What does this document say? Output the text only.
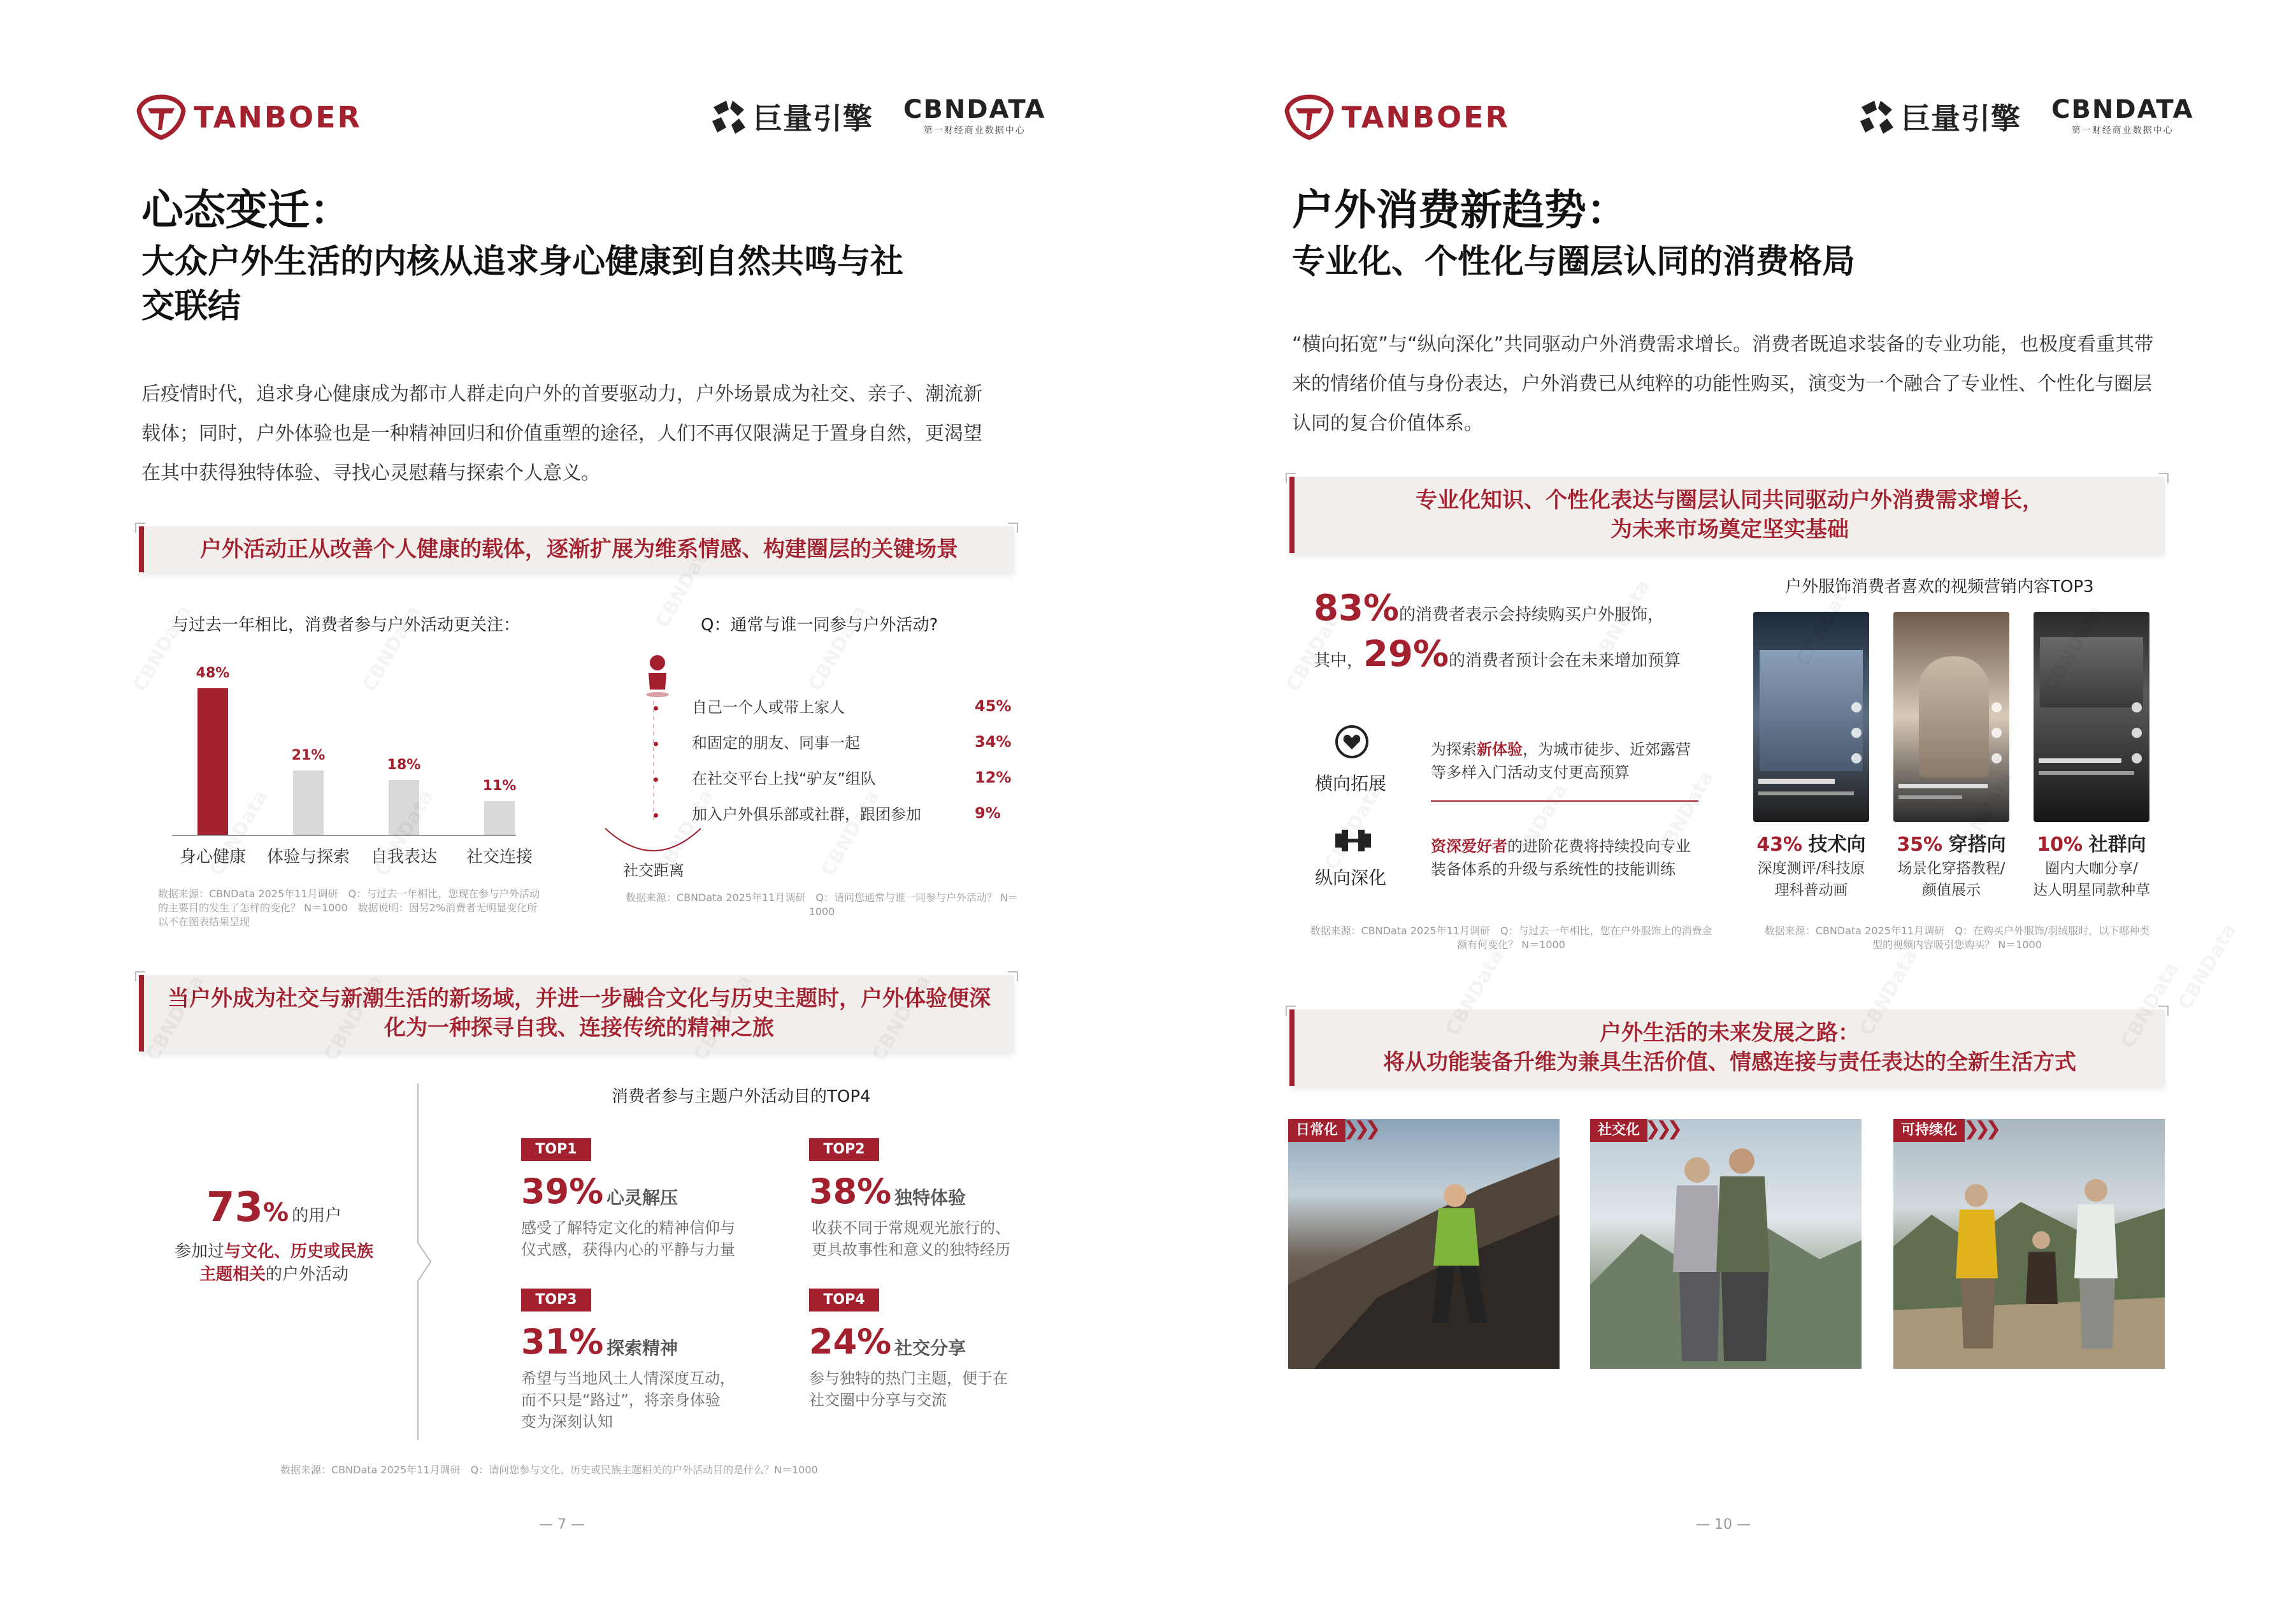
TANBOER	巨量引擎 CBNDATA
第一财经商业数据中心
心态变迁：
大众户外生活的内核从追求身心健康到自然共鸣与社
交联结
后疫情时代，追求身心健康成为都市人群走向户外的首要驱动力，户外场景成为社交、亲子、潮流新载体；同时，户外体验也是一种精神回归和价值重塑的途径，人们不再仅限满足于置身自然，更渴望在其中获得独特体验、寻找心灵慰藉与探索个人意义。
户外活动正从改善个人健康的载体，逐渐扩展为维系情感、构建圈层的关键场景
与过去一年相比，消费者参与户外活动更关注：
48%
身心健康
21%
体验与探索
18%
自我表达
11%
社交连接
数据来源：CBNData 2025年11月调研　Q：与过去一年相比，您现在参与户外活动的主要目的发生了怎样的变化？ N＝1000　数据说明：因另2%消费者无明显变化所以不在图表结果呈现
Q：通常与谁一同参与户外活动?
自己一个人或带上家人	45%
和固定的朋友、同事一起	34%
在社交平台上找“驴友”组队	12%
加入户外俱乐部或社群，跟团参加	9%
社交距离
数据来源：CBNData 2025年11月调研　Q：请问您通常与谁一同参与户外活动？ N＝1000
当户外成为社交与新潮生活的新场域，并进一步融合文化与历史主题时，户外体验便深化为一种探寻自我、连接传统的精神之旅
73% 的用户
参加过与文化、历史或民族
主题相关的户外活动
消费者参与主题户外活动目的TOP4
TOP1
39% 心灵解压
感受了解特定文化的精神信仰与
仪式感，获得内心的平静与力量
TOP2
38% 独特体验
收获不同于常规观光旅行的、
更具故事性和意义的独特经历
TOP3
31% 探索精神
希望与当地风土人情深度互动，
而不只是“路过”，将亲身体验
变为深刻认知
TOP4
24% 社交分享
参与独特的热门主题，便于在
社交圈中分享与交流
数据来源：CBNData 2025年11月调研　Q：请问您参与文化、历史或民族主题相关的户外活动目的是什么？N＝1000
— 7 —
TANBOER	巨量引擎 CBNDATA
第一财经商业数据中心
户外消费新趋势：
专业化、个性化与圈层认同的消费格局
“横向拓宽”与“纵向深化”共同驱动户外消费需求增长。消费者既追求装备的专业功能，也极度看重其带来的情绪价值与身份表达，户外消费已从纯粹的功能性购买，演变为一个融合了专业性、个性化与圈层认同的复合价值体系。
专业化知识、个性化表达与圈层认同共同驱动户外消费需求增长，
为未来市场奠定坚实基础
83%的消费者表示会持续购买户外服饰，
其中，29%的消费者预计会在未来增加预算
横向拓展
为探索新体验，为城市徒步、近郊露营等多样入门活动支付更高预算
纵向深化
资深爱好者的进阶花费将持续投向专业装备体系的升级与系统性的技能训练
数据来源：CBNData 2025年11月调研　Q：与过去一年相比，您在户外服饰上的消费金额有何变化？ N＝1000
户外服饰消费者喜欢的视频营销内容TOP3
43% 技术向
深度测评/科技原
理科普动画
35% 穿搭向
场景化穿搭教程/
颜值展示
10% 社群向
圈内大咖分享/
达人明星同款种草
数据来源：CBNData 2025年11月调研　Q：在购买户外服饰/羽绒服时，以下哪种类型的视频内容吸引您购买？ N＝1000
户外生活的未来发展之路：
将从功能装备升维为兼具生活价值、情感连接与责任表达的全新生活方式
日常化 ❯❯❯	社交化 ❯❯❯	可持续化 ❯❯❯
— 10 —
